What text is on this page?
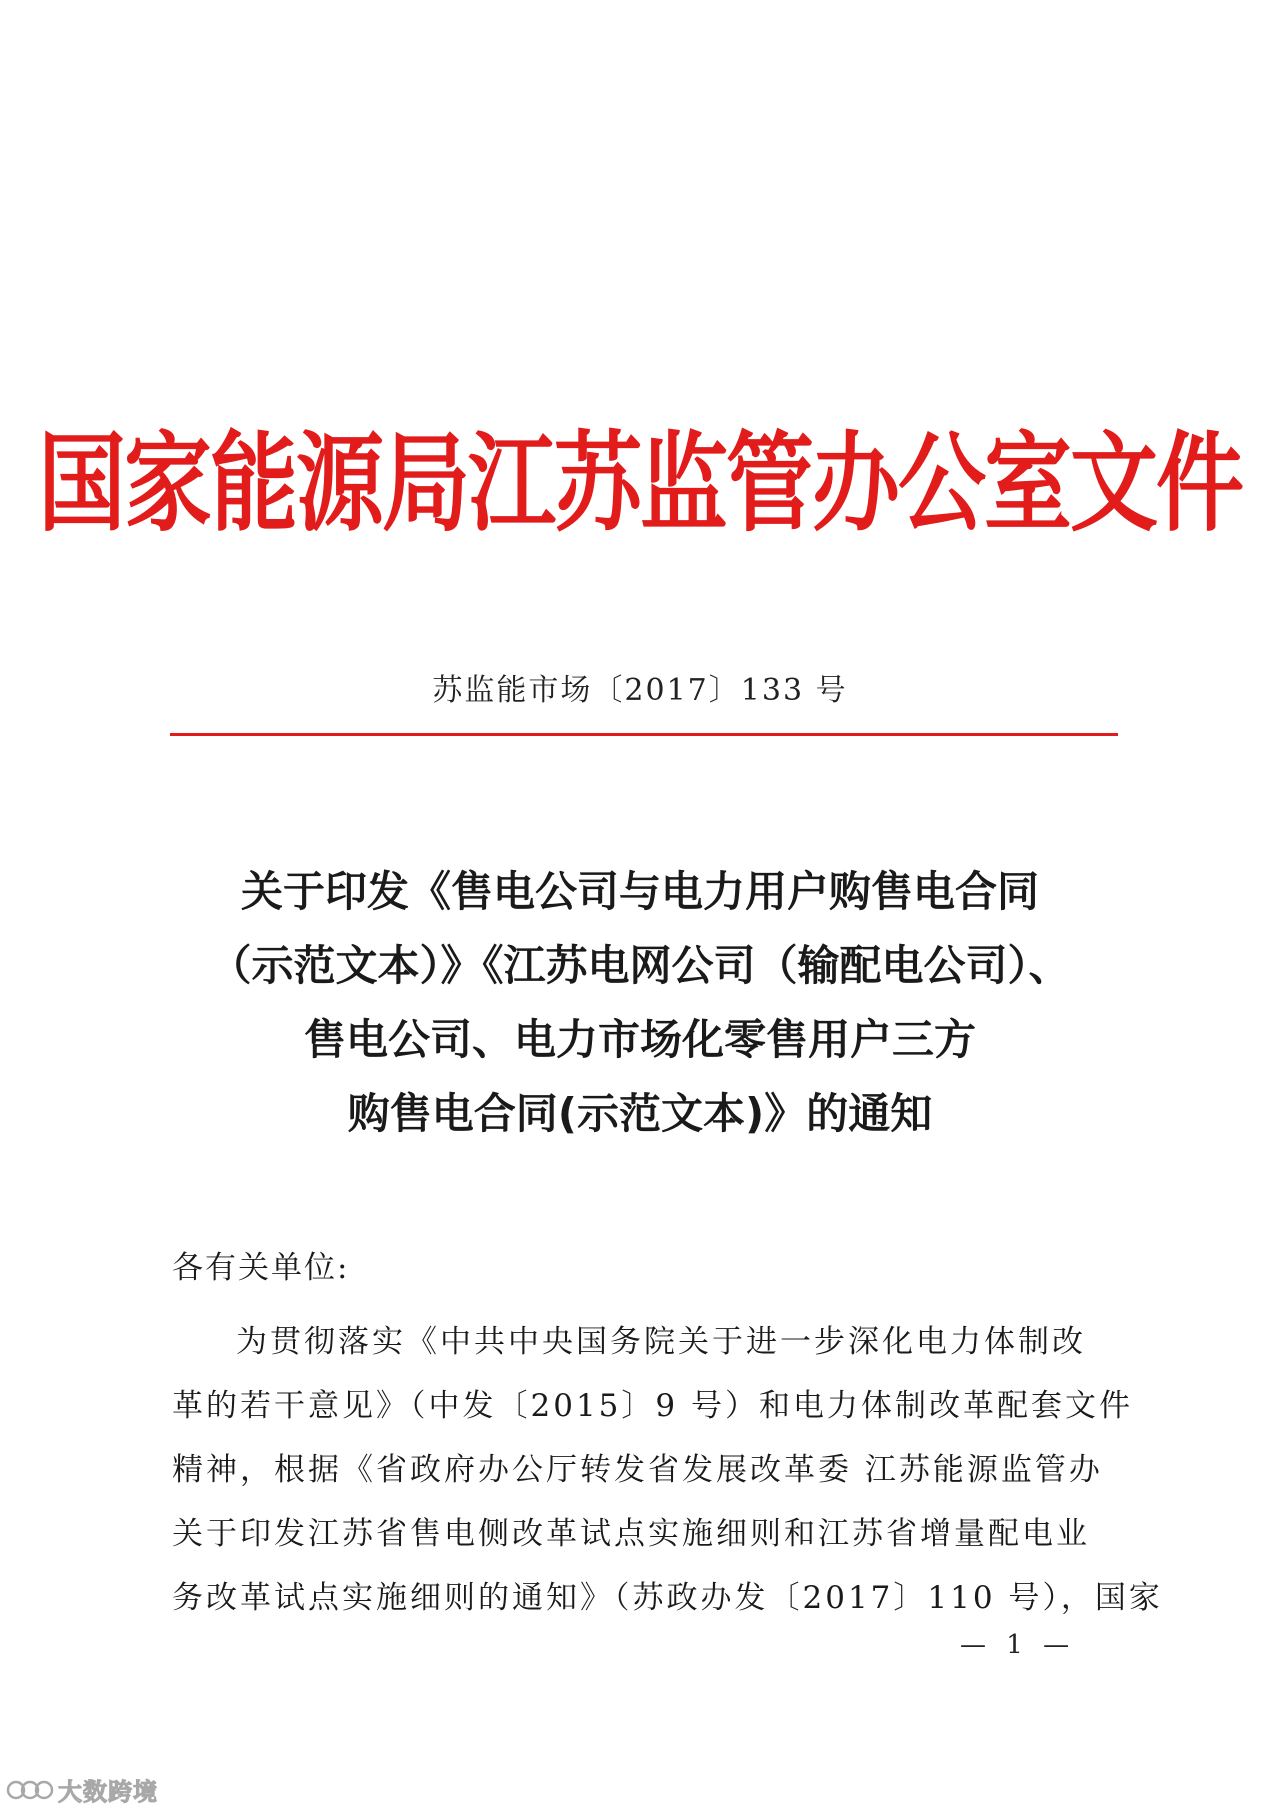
国家能源局江苏监管办公室文件
苏监能市场〔2017〕133 号
关于印发《售电公司与电力用户购售电合同
（示范文本）》《江苏电网公司（输配电公司）、
售电公司、电力市场化零售用户三方
购售电合同(示范文本)》的通知
各有关单位:
为贯彻落实《中共中央国务院关于进一步深化电力体制改
革的若干意见》（中发〔2015〕9 号）和电力体制改革配套文件
精神，根据《省政府办公厅转发省发展改革委 江苏能源监管办
关于印发江苏省售电侧改革试点实施细则和江苏省增量配电业
务改革试点实施细则的通知》（苏政办发〔2017〕110 号），国家
— 1 —
大数跨境
